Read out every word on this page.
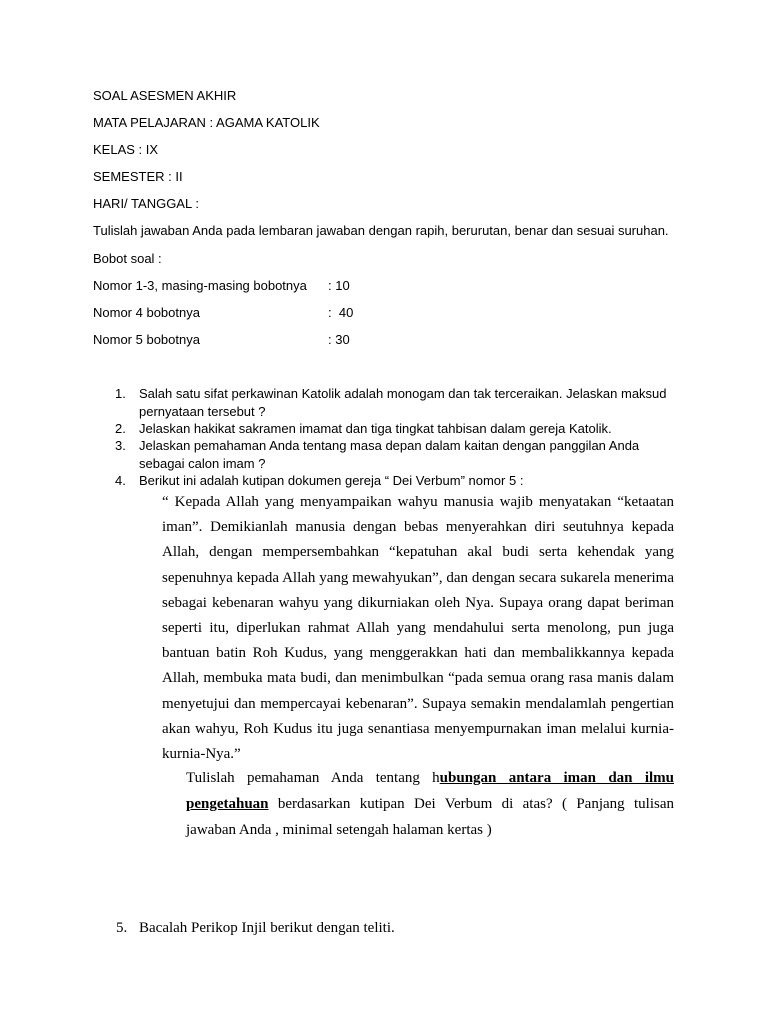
SOAL ASESMEN AKHIR
MATA PELAJARAN : AGAMA KATOLIK
KELAS : IX
SEMESTER : II
HARI/ TANGGAL :
Tulislah jawaban Anda pada lembaran jawaban dengan rapih, berurutan, benar dan sesuai suruhan.
Bobot soal :
Nomor 1-3, masing-masing bobotnya : 10
Nomor 4 bobotnya	:  40
Nomor 5 bobotnya	: 30
1.	Salah satu sifat perkawinan Katolik adalah monogam dan tak terceraikan. Jelaskan maksud pernyataan tersebut ?
2.	Jelaskan hakikat sakramen imamat dan tiga tingkat tahbisan dalam gereja Katolik.
3.	Jelaskan pemahaman Anda tentang masa depan dalam kaitan dengan panggilan Anda sebagai calon imam ?
4.	Berikut ini adalah kutipan dokumen gereja “ Dei Verbum” nomor 5 :
“ Kepada Allah yang menyampaikan wahyu manusia wajib menyatakan “ketaatan iman”. Demikianlah manusia dengan bebas menyerahkan diri seutuhnya kepada Allah, dengan mempersembahkan “kepatuhan akal budi serta kehendak yang sepenuhnya kepada Allah yang mewahyukan”, dan dengan secara sukarela menerima sebagai kebenaran wahyu yang dikurniakan oleh Nya. Supaya orang dapat beriman seperti itu, diperlukan rahmat Allah yang mendahului serta menolong, pun juga bantuan batin Roh Kudus, yang menggerakkan hati dan membalikkannya kepada Allah, membuka mata budi, dan menimbulkan “pada semua orang rasa manis dalam menyetujui dan mempercayai kebenaran”. Supaya semakin mendalamlah pengertian akan wahyu, Roh Kudus itu juga senantiasa menyempurnakan iman melalui kurnia-kurnia-Nya.”
Tulislah pemahaman Anda tentang hubungan antara iman dan ilmu pengetahuan berdasarkan kutipan Dei Verbum di atas? ( Panjang tulisan jawaban Anda , minimal setengah halaman kertas )
5. Bacalah Perikop Injil berikut dengan teliti.
